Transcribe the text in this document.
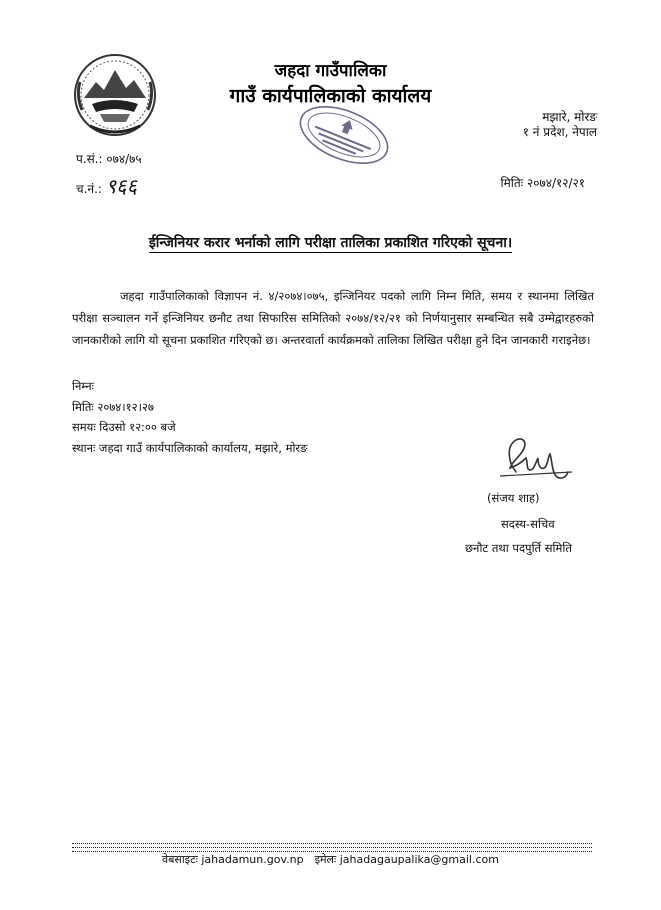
जहदा गाउँपालिका
गाउँ कार्यपालिकाको कार्यालय
मझारे, मोरङ
१ नं प्रदेश, नेपाल
प.सं.: ०७४/७५
च.नं.: ९६६	मितिः २०७४/१२/२१
ईन्जिनियर करार भर्नाको लागि परीक्षा तालिका प्रकाशित गरिएको सूचना।
जहदा गाउँपालिकाको विज्ञापन नं. ४/२०७४।०७५, इन्जिनियर पदको लागि निम्न मिति, समय र स्थानमा लिखित परीक्षा सञ्चालन गर्ने इन्जिनियर छनौट तथा सिफारिस समितिको २०७४/१२/२१ को निर्णयानुसार सम्बन्धित सबै उम्मेद्वारहरुको जानकारीको लागि यो सूचना प्रकाशित गरिएको छ। अन्तरवार्ता कार्यक्रमको तालिका लिखित परीक्षा हुने दिन जानकारी गराइनेछ।
निम्नः
मितिः २०७४।१२।२७
समयः दिउसो १२:०० बजे
स्थानः जहदा गाउँ कार्यपालिकाको कार्यालय, मझारे, मोरङ
(संजय शाह)
सदस्य-सचिव
छनौट तथा पदपुर्ति समिति
वेबसाइटः jahadamun.gov.np इमेलः jahadagaupalika@gmail.com
